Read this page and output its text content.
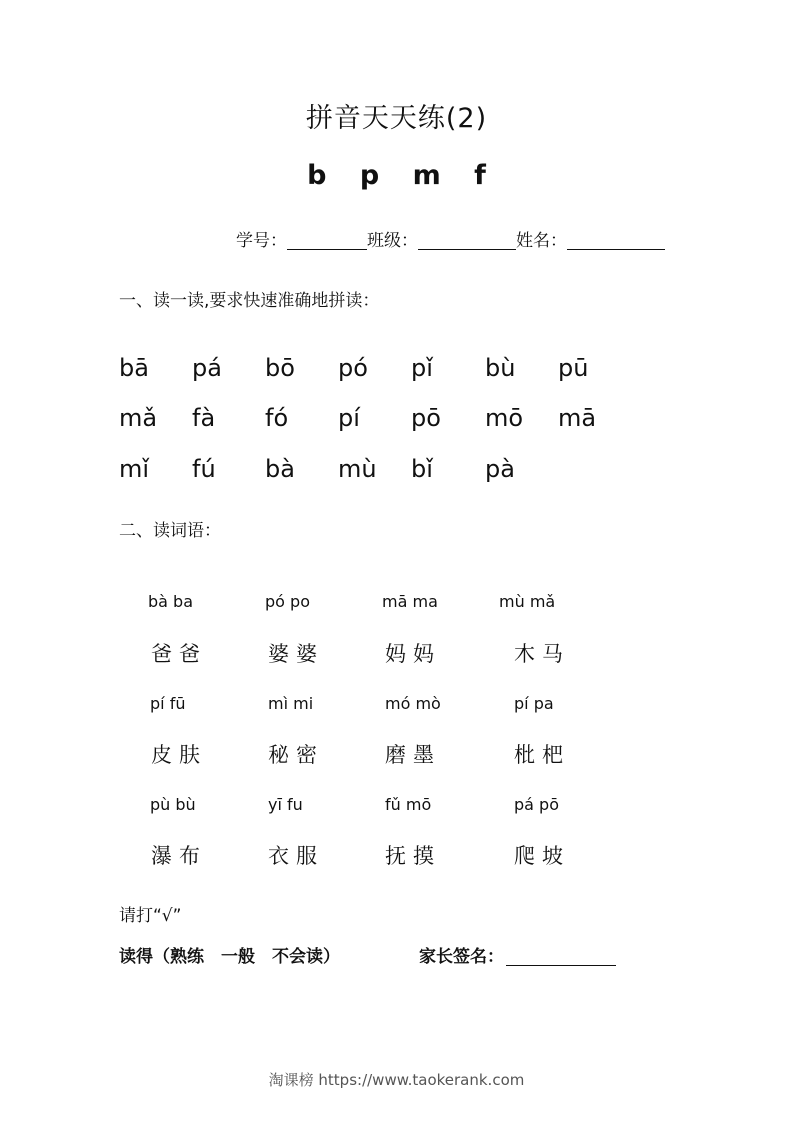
拼音天天练(2)
b p m f
学号：	班级：	姓名：
一、读一读,要求快速准确地拼读：
bā pá bō pó pǐ bù pū
mǎ fà fó pí pō mō mā
mǐ fú bà mù bǐ pà
二、读词语：
bà ba	pó po	mā ma	mù mǎ
爸爸	婆婆	妈妈	木马
pí fū	mì mi	mó mò	pí pa
皮肤	秘密	磨墨	枇杷
pù bù	yī fu	fǔ mō	pá pō
瀑布	衣服	抚摸	爬坡
请打“√”
读得（熟练　一般　不会读）	家长签名：
淘课榜 https://www.taokerank.com
